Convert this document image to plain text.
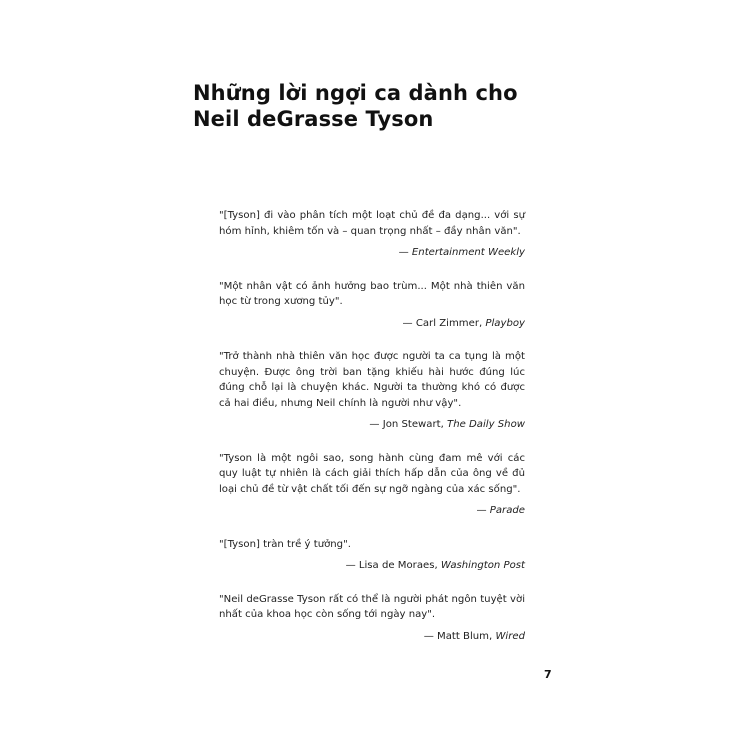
Những lời ngợi ca dành cho
Neil deGrasse Tyson

"[Tyson] đi vào phân tích một loạt chủ đề đa dạng... với sự hóm hỉnh, khiêm tốn và – quan trọng nhất – đầy nhân văn".

— Entertainment Weekly

"Một nhân vật có ảnh hưởng bao trùm... Một nhà thiên văn học từ trong xương tủy".

— Carl Zimmer, Playboy

"Trở thành nhà thiên văn học được người ta ca tụng là một chuyện. Được ông trời ban tặng khiếu hài hước đúng lúc đúng chỗ lại là chuyện khác. Người ta thường khó có được cả hai điều, nhưng Neil chính là người như vậy".

— Jon Stewart, The Daily Show

"Tyson là một ngôi sao, song hành cùng đam mê với các quy luật tự nhiên là cách giải thích hấp dẫn của ông về đủ loại chủ đề từ vật chất tối đến sự ngỡ ngàng của xác sống".

— Parade

"[Tyson] tràn trề ý tưởng".

— Lisa de Moraes, Washington Post

"Neil deGrasse Tyson rất có thể là người phát ngôn tuyệt vời nhất của khoa học còn sống tới ngày nay".

— Matt Blum, Wired

7
